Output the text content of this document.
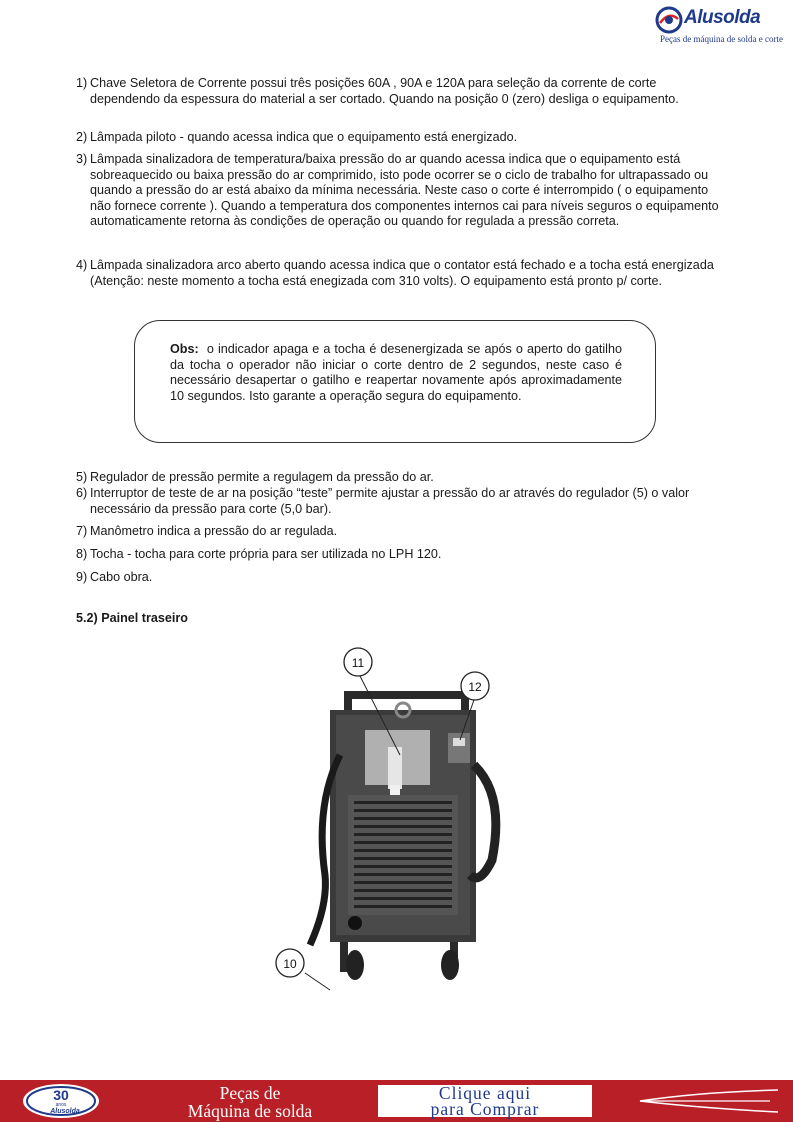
Alusolda
Peças de máquina de solda e corte
1) Chave Seletora de Corrente possui três posições 60A , 90A e 120A para seleção da corrente de corte dependendo da espessura do material a ser cortado. Quando na posição 0 (zero) desliga o equipamento.
2) Lâmpada piloto - quando acessa indica que o equipamento está energizado.
3) Lâmpada sinalizadora de temperatura/baixa pressão do ar quando acessa indica que o equipamento está sobreaquecido ou baixa pressão do ar comprimido, isto pode ocorrer se o ciclo de trabalho for ultrapassado ou quando a pressão do ar está abaixo da mínima necessária. Neste caso o corte é interrompido ( o equipamento não fornece corrente ). Quando a temperatura dos componentes internos cai para níveis seguros o equipamento automaticamente retorna às condições de operação ou quando for regulada a pressão correta.
4) Lâmpada sinalizadora arco aberto quando acessa indica que o contator está fechado e a tocha está energizada (Atenção: neste momento a tocha está enegizada com 310 volts). O equipamento está pronto p/ corte.
Obs: o indicador apaga e a tocha é desenergizada se após o aperto do gatilho da tocha o operador não iniciar o corte dentro de 2 segundos, neste caso é necessário desapertar o gatilho e reapertar novamente após aproximadamente 10 segundos. Isto garante a operação segura do equipamento.
5) Regulador de pressão permite a regulagem da pressão do ar.
6) Interruptor de teste de ar na posição “teste” permite ajustar a pressão do ar através do regulador (5) o valor necessário da pressão para corte (5,0 bar).
7) Manômetro indica a pressão do ar regulada.
8) Tocha - tocha para corte própria para ser utilizada no LPH 120.
9) Cabo obra.
5.2) Painel traseiro
11
12
10
30
anos
Alusolda
Peças de
Máquina de solda
Clique aqui
para Comprar
